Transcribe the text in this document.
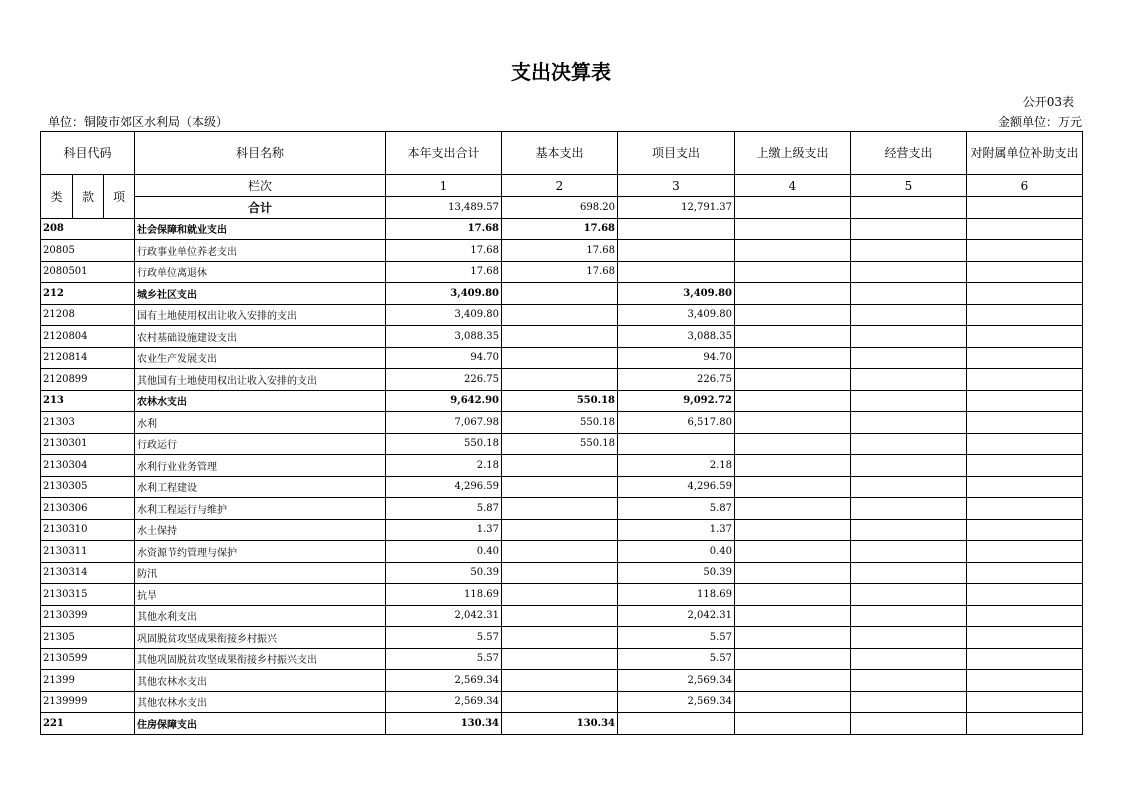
支出决算表
公开03表
单位：铜陵市郊区水利局（本级）	金额单位：万元
科目代码			科目名称	本年支出合计	基本支出	项目支出	上缴上级支出	经营支出	对附属单位补助支出
类	款	项	栏次	1	2	3	4	5	6
			合计	13,489.57	698.20	12,791.37			
208			社会保障和就业支出	17.68	17.68				
20805			行政事业单位养老支出	17.68	17.68				
2080501			行政单位离退休	17.68	17.68				
212			城乡社区支出	3,409.80		3,409.80			
21208			国有土地使用权出让收入安排的支出	3,409.80		3,409.80			
2120804			农村基础设施建设支出	3,088.35		3,088.35			
2120814			农业生产发展支出	94.70		94.70			
2120899			其他国有土地使用权出让收入安排的支出	226.75		226.75			
213			农林水支出	9,642.90	550.18	9,092.72			
21303			水利	7,067.98	550.18	6,517.80			
2130301			行政运行	550.18	550.18				
2130304			水利行业业务管理	2.18		2.18			
2130305			水利工程建设	4,296.59		4,296.59			
2130306			水利工程运行与维护	5.87		5.87			
2130310			水土保持	1.37		1.37			
2130311			水资源节约管理与保护	0.40		0.40			
2130314			防汛	50.39		50.39			
2130315			抗旱	118.69		118.69			
2130399			其他水利支出	2,042.31		2,042.31			
21305			巩固脱贫攻坚成果衔接乡村振兴	5.57		5.57			
2130599			其他巩固脱贫攻坚成果衔接乡村振兴支出	5.57		5.57			
21399			其他农林水支出	2,569.34		2,569.34			
2139999			其他农林水支出	2,569.34		2,569.34			
221			住房保障支出	130.34	130.34				
